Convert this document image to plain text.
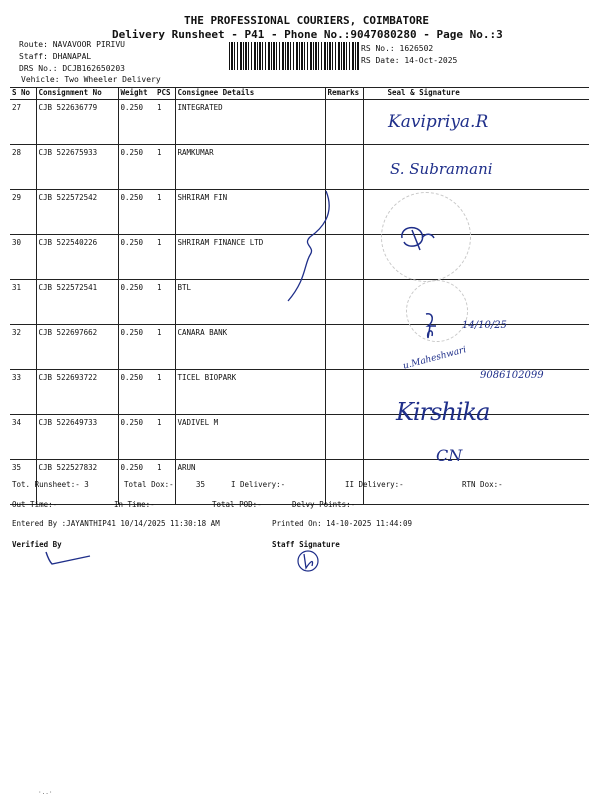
THE PROFESSIONAL COURIERS, COIMBATORE
Delivery Runsheet - P41 - Phone No.:9047080280 - Page No.:3
Route: NAVAVOOR PIRIVU
Staff: DHANAPAL
DRS No.: DCJB162650203
Vehicle: Two Wheeler Delivery
RS No.: 1626502
RS Date: 14-Oct-2025
S No	Consignment No	Weight	PCS	Consignee Details	Remarks	Seal & Signature
27	CJB 522636779	0.250	1	INTEGRATED		
28	CJB 522675933	0.250	1	RAMKUMAR		
29	CJB 522572542	0.250	1	SHRIRAM FIN		
30	CJB 522540226	0.250	1	SHRIRAM FINANCE LTD		
31	CJB 522572541	0.250	1	BTL		
32	CJB 522697662	0.250	1	CANARA BANK		
33	CJB 522693722	0.250	1	TICEL BIOPARK		
34	CJB 522649733	0.250	1	VADIVEL M		
35	CJB 522527832	0.250	1	ARUN		
Kavipriya.R
S. Subramani
14/10/25
u.Maheshwari
9086102099
Kirshika
CN
Tot. Runsheet:- 3	Total Dox:-	35	I Delivery:-	II Delivery:-	RTN Dox:-
Out Time:-	In Time:-	Total POD:-	Delvy Points:-
Entered By :JAYANTHIP41 10/14/2025 11:30:18 AM	Printed On: 14-10-2025 11:44:09
Verified By	Staff Signature
·..·
